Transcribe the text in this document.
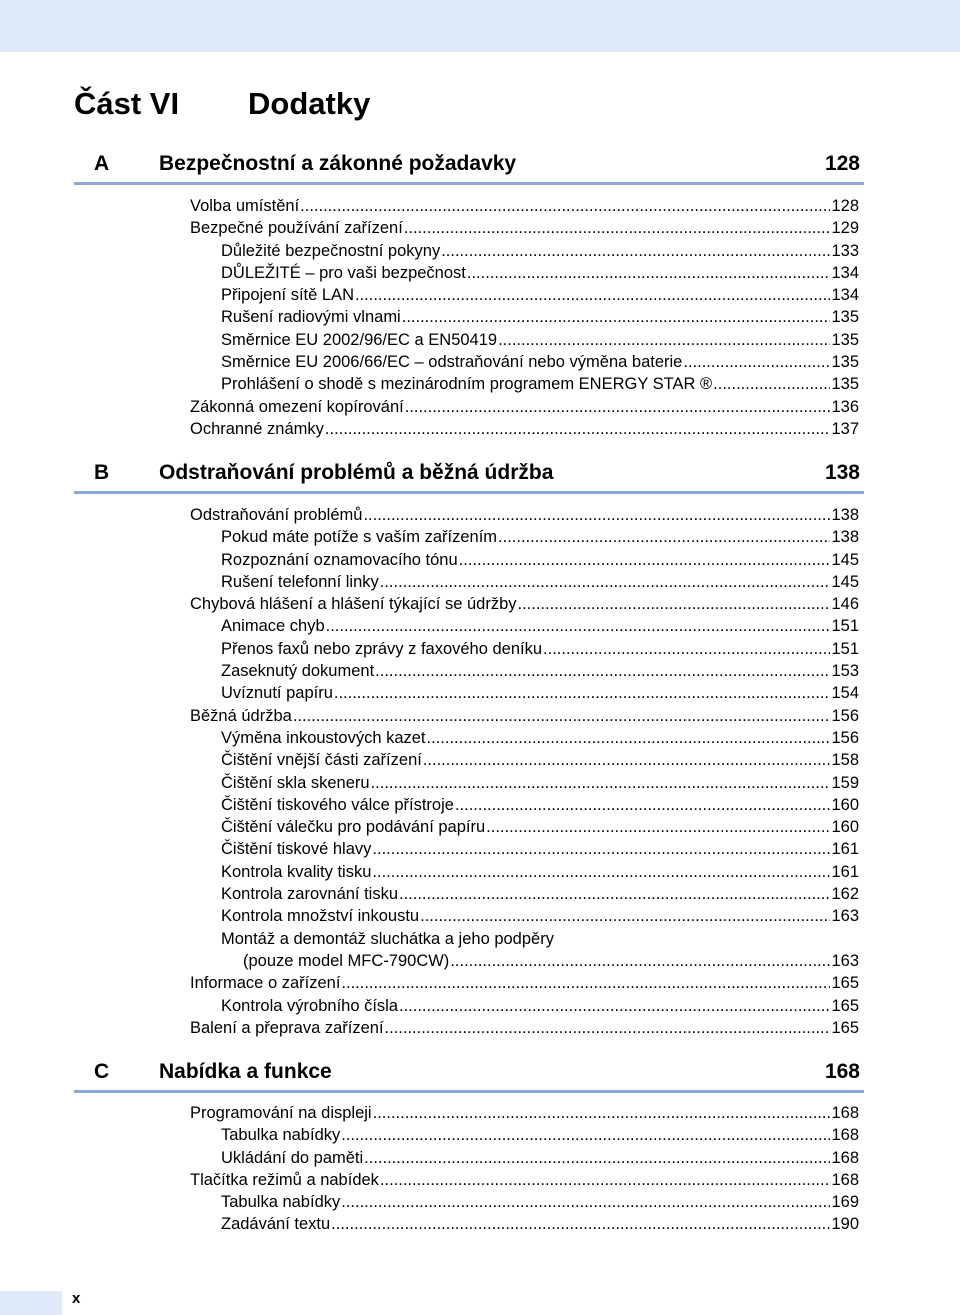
Část VI Dodatky
A Bezpečnostní a zákonné požadavky	128
Volba umístění .....	128
Bezpečné používání zařízení .....	129
Důležité bezpečnostní pokyny .....	133
DŮLEŽITÉ – pro vaši bezpečnost .....	134
Připojení sítě LAN .....	134
Rušení radiovými vlnami .....	135
Směrnice EU 2002/96/EC a EN50419 .....	135
Směrnice EU 2006/66/EC – odstraňování nebo výměna baterie .....	135
Prohlášení o shodě s mezinárodním programem ENERGY STAR ® .....	135
Zákonná omezení kopírování .....	136
Ochranné známky .....	137
B Odstraňování problémů a běžná údržba	138
Odstraňování problémů .....	138
Pokud máte potíže s vaším zařízením .....	138
Rozpoznání oznamovacího tónu .....	145
Rušení telefonní linky .....	145
Chybová hlášení a hlášení týkající se údržby .....	146
Animace chyb .....	151
Přenos faxů nebo zprávy z faxového deníku .....	151
Zaseknutý dokument .....	153
Uvíznutí papíru .....	154
Běžná údržba .....	156
Výměna inkoustových kazet .....	156
Čištění vnější části zařízení .....	158
Čištění skla skeneru .....	159
Čištění tiskového válce přístroje .....	160
Čištění válečku pro podávání papíru .....	160
Čištění tiskové hlavy .....	161
Kontrola kvality tisku .....	161
Kontrola zarovnání tisku .....	162
Kontrola množství inkoustu .....	163
Montáž a demontáž sluchátka a jeho podpěry
(pouze model MFC-790CW) .....	163
Informace o zařízení .....	165
Kontrola výrobního čísla .....	165
Balení a přeprava zařízení .....	165
C Nabídka a funkce	168
Programování na displeji .....	168
Tabulka nabídky .....	168
Ukládání do paměti .....	168
Tlačítka režimů a nabídek .....	168
Tabulka nabídky .....	169
Zadávání textu .....	190
x
